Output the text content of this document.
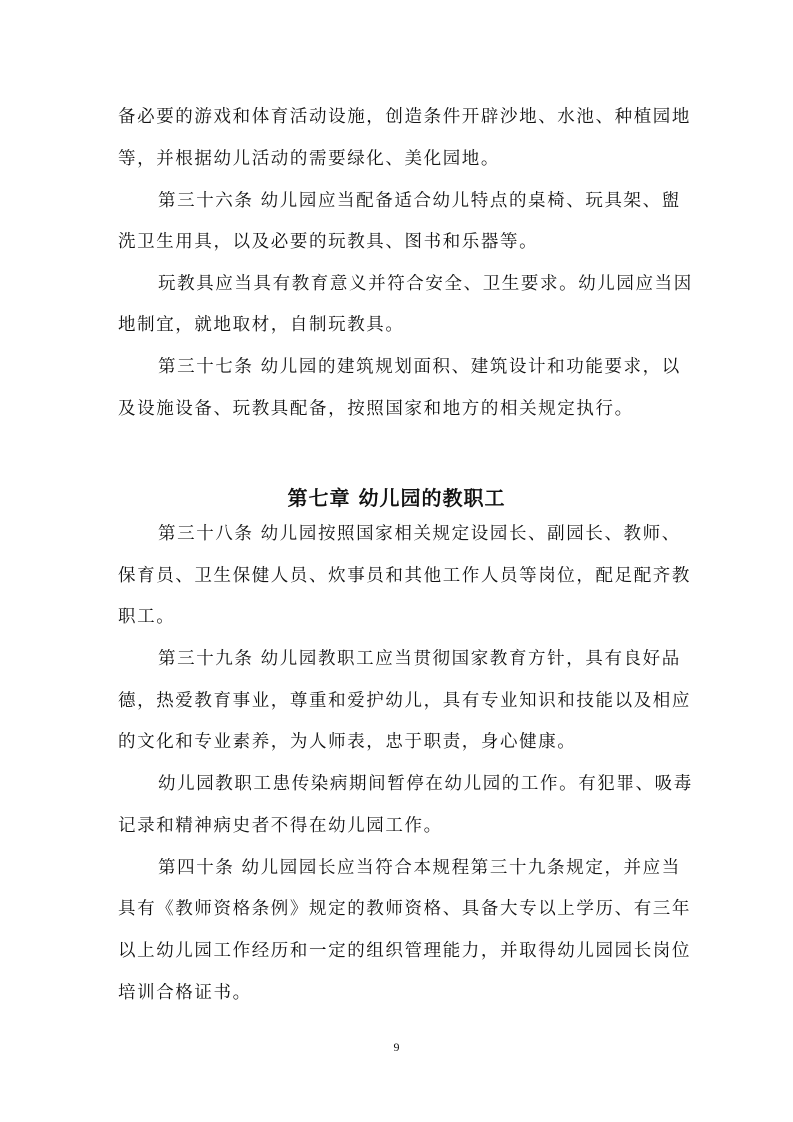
备必要的游戏和体育活动设施，创造条件开辟沙地、水池、种植园地
等，并根据幼儿活动的需要绿化、美化园地。
第三十六条 幼儿园应当配备适合幼儿特点的桌椅、玩具架、盥
洗卫生用具，以及必要的玩教具、图书和乐器等。
玩教具应当具有教育意义并符合安全、卫生要求。幼儿园应当因
地制宜，就地取材，自制玩教具。
第三十七条 幼儿园的建筑规划面积、建筑设计和功能要求，以
及设施设备、玩教具配备，按照国家和地方的相关规定执行。
第七章 幼儿园的教职工
第三十八条 幼儿园按照国家相关规定设园长、副园长、教师、
保育员、卫生保健人员、炊事员和其他工作人员等岗位，配足配齐教
职工。
第三十九条 幼儿园教职工应当贯彻国家教育方针，具有良好品
德，热爱教育事业，尊重和爱护幼儿，具有专业知识和技能以及相应
的文化和专业素养，为人师表，忠于职责，身心健康。
幼儿园教职工患传染病期间暂停在幼儿园的工作。有犯罪、吸毒
记录和精神病史者不得在幼儿园工作。
第四十条 幼儿园园长应当符合本规程第三十九条规定，并应当
具有《教师资格条例》规定的教师资格、具备大专以上学历、有三年
以上幼儿园工作经历和一定的组织管理能力，并取得幼儿园园长岗位
培训合格证书。
9
